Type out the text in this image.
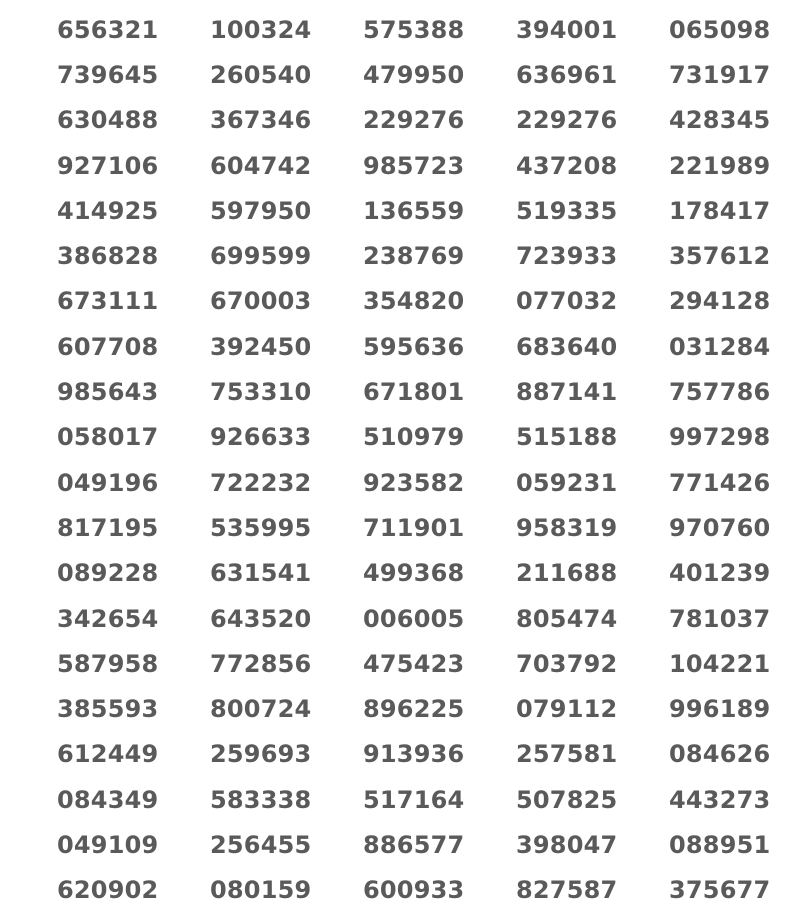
656321	100324	575388	394001	065098
739645	260540	479950	636961	731917
630488	367346	229276	229276	428345
927106	604742	985723	437208	221989
414925	597950	136559	519335	178417
386828	699599	238769	723933	357612
673111	670003	354820	077032	294128
607708	392450	595636	683640	031284
985643	753310	671801	887141	757786
058017	926633	510979	515188	997298
049196	722232	923582	059231	771426
817195	535995	711901	958319	970760
089228	631541	499368	211688	401239
342654	643520	006005	805474	781037
587958	772856	475423	703792	104221
385593	800724	896225	079112	996189
612449	259693	913936	257581	084626
084349	583338	517164	507825	443273
049109	256455	886577	398047	088951
620902	080159	600933	827587	375677
